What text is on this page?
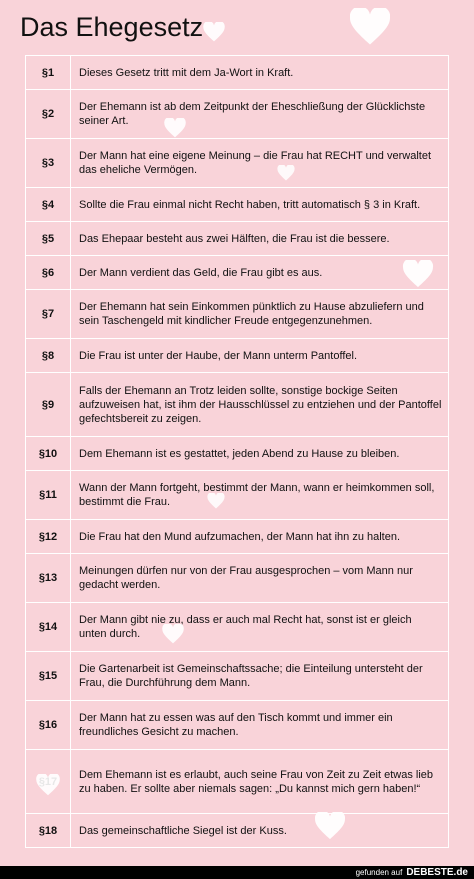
Das Ehegesetz
§1	Dieses Gesetz tritt mit dem Ja-Wort in Kraft.
§2	Der Ehemann ist ab dem Zeitpunkt der Eheschließung der Glücklichste seiner Art.
§3	Der Mann hat eine eigene Meinung – die Frau hat RECHT und verwaltet das eheliche Vermögen.
§4	Sollte die Frau einmal nicht Recht haben, tritt automatisch § 3 in Kraft.
§5	Das Ehepaar besteht aus zwei Hälften, die Frau ist die bessere.
§6	Der Mann verdient das Geld, die Frau gibt es aus.
§7	Der Ehemann hat sein Einkommen pünktlich zu Hause abzuliefern und sein Taschengeld mit kindlicher Freude entgegenzunehmen.
§8	Die Frau ist unter der Haube, der Mann unterm Pantoffel.
§9	Falls der Ehemann an Trotz leiden sollte, sonstige bockige Seiten aufzuweisen hat, ist ihm der Hausschlüssel zu entziehen und der Pantoffel gefechtsbereit zu zeigen.
§10	Dem Ehemann ist es gestattet, jeden Abend zu Hause zu bleiben.
§11	Wann der Mann fortgeht, bestimmt der Mann, wann er heimkommen soll, bestimmt die Frau.
§12	Die Frau hat den Mund aufzumachen, der Mann hat ihn zu halten.
§13	Meinungen dürfen nur von der Frau ausgesprochen – vom Mann nur gedacht werden.
§14	Der Mann gibt nie zu, dass er auch mal Recht hat, sonst ist er gleich unten durch.
§15	Die Gartenarbeit ist Gemeinschaftssache; die Einteilung untersteht der Frau, die Durchführung dem Mann.
§16	Der Mann hat zu essen was auf den Tisch kommt und immer ein freundliches Gesicht zu machen.
	Dem Ehemann ist es erlaubt, auch seine Frau von Zeit zu Zeit etwas lieb zu haben. Er sollte aber niemals sagen: „Du kannst mich gern haben!“
§18	Das gemeinschaftliche Siegel ist der Kuss.
gefunden auf DEBESTE.de
